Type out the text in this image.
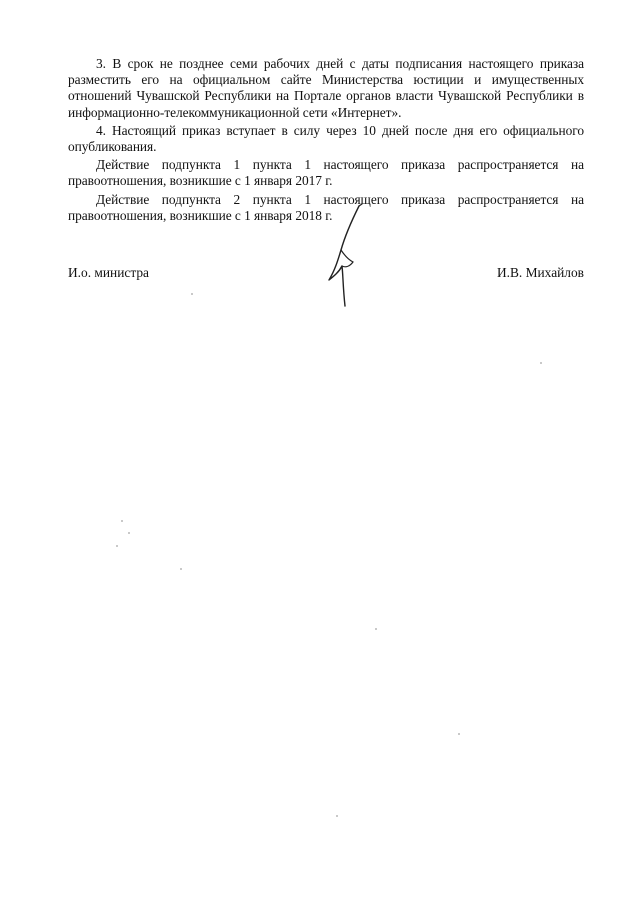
3. В срок не позднее семи рабочих дней с даты подписания настоящего приказа разместить его на официальном сайте Министерства юстиции и имущественных отношений Чувашской Республики на Портале органов власти Чувашской Республики в информационно-телекоммуникационной сети «Интернет».

4. Настоящий приказ вступает в силу через 10 дней после дня его официального опубликования.

Действие подпункта 1 пункта 1 настоящего приказа распространяется на правоотношения, возникшие с 1 января 2017 г.

Действие подпункта 2 пункта 1 настоящего приказа распространяется на правоотношения, возникшие с 1 января 2018 г.

И.о. министра	И.В. Михайлов
